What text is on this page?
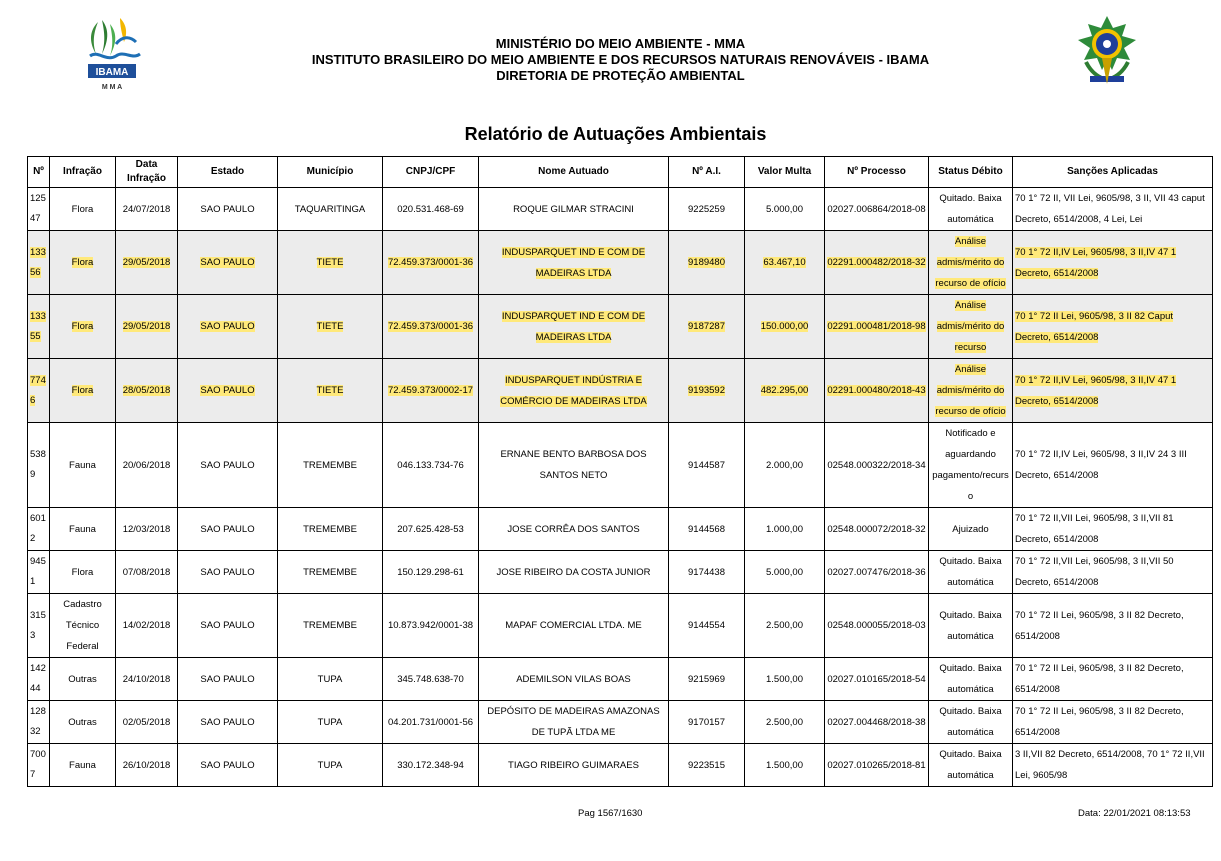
IBAMA
M M A
MINISTÉRIO DO MEIO AMBIENTE - MMA
INSTITUTO BRASILEIRO DO MEIO AMBIENTE E DOS RECURSOS NATURAIS RENOVÁVEIS - IBAMA
DIRETORIA DE PROTEÇÃO AMBIENTAL
Relatório de Autuações Ambientais
Nº	Infração	Data Infração	Estado	Município	CNPJ/CPF	Nome Autuado	Nº A.I.	Valor Multa	Nº Processo	Status Débito	Sanções Aplicadas
12547	Flora	24/07/2018	SAO PAULO	TAQUARITINGA	020.531.468-69	ROQUE GILMAR STRACINI	9225259	5.000,00	02027.006864/2018-08	Quitado. Baixa automática	70 1° 72 II, VII Lei, 9605/98, 3 II, VII 43 caput Decreto, 6514/2008, 4 Lei, Lei
13356	Flora	29/05/2018	SAO PAULO	TIETE	72.459.373/0001-36	INDUSPARQUET IND E COM DE MADEIRAS LTDA	9189480	63.467,10	02291.000482/2018-32	Análise admis/mérito do recurso de ofício	70 1° 72 II,IV Lei, 9605/98, 3 II,IV 47 1 Decreto, 6514/2008
13355	Flora	29/05/2018	SAO PAULO	TIETE	72.459.373/0001-36	INDUSPARQUET IND E COM DE MADEIRAS LTDA	9187287	150.000,00	02291.000481/2018-98	Análise admis/mérito do recurso	70 1° 72 II Lei, 9605/98, 3 II 82 Caput Decreto, 6514/2008
7746	Flora	28/05/2018	SAO PAULO	TIETE	72.459.373/0002-17	INDUSPARQUET INDÚSTRIA E COMÉRCIO DE MADEIRAS LTDA	9193592	482.295,00	02291.000480/2018-43	Análise admis/mérito do recurso de ofício	70 1° 72 II,IV Lei, 9605/98, 3 II,IV 47 1 Decreto, 6514/2008
5389	Fauna	20/06/2018	SAO PAULO	TREMEMBE	046.133.734-76	ERNANE BENTO BARBOSA DOS SANTOS NETO	9144587	2.000,00	02548.000322/2018-34	Notificado e aguardando pagamento/recurso	70 1° 72 II,IV Lei, 9605/98, 3 II,IV 24 3 III Decreto, 6514/2008
6012	Fauna	12/03/2018	SAO PAULO	TREMEMBE	207.625.428-53	JOSE CORRÊA DOS SANTOS	9144568	1.000,00	02548.000072/2018-32	Ajuizado	70 1° 72 II,VII Lei, 9605/98, 3 II,VII 81 Decreto, 6514/2008
9451	Flora	07/08/2018	SAO PAULO	TREMEMBE	150.129.298-61	JOSE RIBEIRO DA COSTA JUNIOR	9174438	5.000,00	02027.007476/2018-36	Quitado. Baixa automática	70 1° 72 II,VII Lei, 9605/98, 3 II,VII 50 Decreto, 6514/2008
3153	Cadastro Técnico Federal	14/02/2018	SAO PAULO	TREMEMBE	10.873.942/0001-38	MAPAF COMERCIAL LTDA. ME	9144554	2.500,00	02548.000055/2018-03	Quitado. Baixa automática	70 1° 72 II Lei, 9605/98, 3 II 82 Decreto, 6514/2008
14244	Outras	24/10/2018	SAO PAULO	TUPA	345.748.638-70	ADEMILSON VILAS BOAS	9215969	1.500,00	02027.010165/2018-54	Quitado. Baixa automática	70 1° 72 II Lei, 9605/98, 3 II 82 Decreto, 6514/2008
12832	Outras	02/05/2018	SAO PAULO	TUPA	04.201.731/0001-56	DEPÓSITO DE MADEIRAS AMAZONAS DE TUPÃ LTDA ME	9170157	2.500,00	02027.004468/2018-38	Quitado. Baixa automática	70 1° 72 II Lei, 9605/98, 3 II 82 Decreto, 6514/2008
7007	Fauna	26/10/2018	SAO PAULO	TUPA	330.172.348-94	TIAGO RIBEIRO GUIMARAES	9223515	1.500,00	02027.010265/2018-81	Quitado. Baixa automática	3 II,VII 82 Decreto, 6514/2008, 70 1° 72 II,VII Lei, 9605/98
Pag 1567/1630	Data: 22/01/2021 08:13:53
